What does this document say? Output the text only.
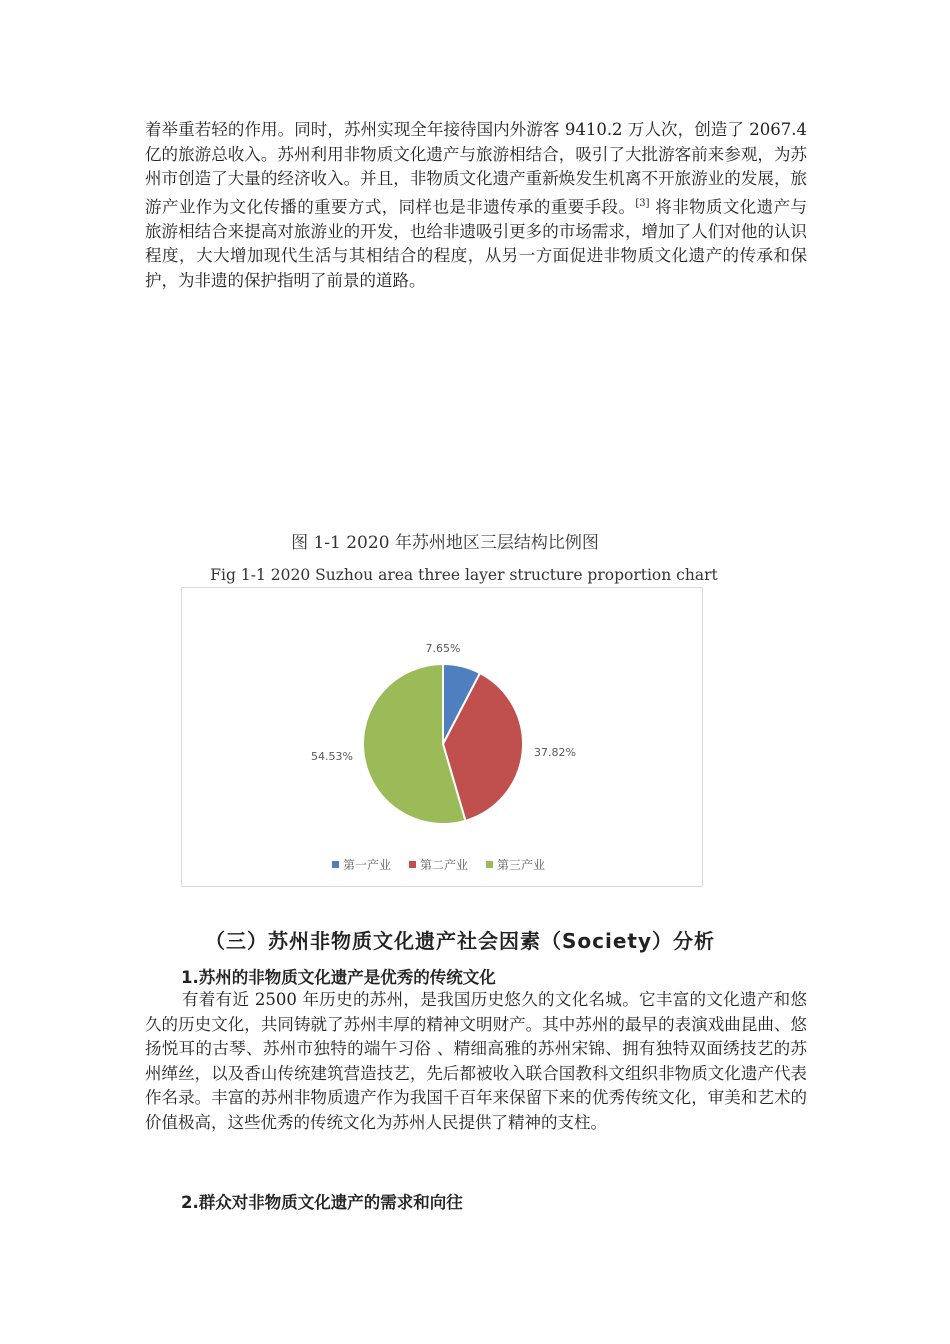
着举重若轻的作用。同时，苏州实现全年接待国内外游客 9410.2 万人次，创造了 2067.4 亿的旅游总收入。苏州利用非物质文化遗产与旅游相结合，吸引了大批游客前来参观，为苏州市创造了大量的经济收入。并且，非物质文化遗产重新焕发生机离不开旅游业的发展，旅游产业作为文化传播的重要方式，同样也是非遗传承的重要手段。[3] 将非物质文化遗产与旅游相结合来提高对旅游业的开发，也给非遗吸引更多的市场需求，增加了人们对他的认识程度，大大增加现代生活与其相结合的程度，从另一方面促进非物质文化遗产的传承和保护，为非遗的保护指明了前景的道路。

图 1-1 2020 年苏州地区三层结构比例图
Fig 1-1 2020 Suzhou area three layer structure proportion chart
7.65%
37.82%
54.53%
第一产业 第二产业 第三产业
（三）苏州非物质文化遗产社会因素（Society）分析
1.苏州的非物质文化遗产是优秀的传统文化

有着有近 2500 年历史的苏州，是我国历史悠久的文化名城。它丰富的文化遗产和悠久的历史文化，共同铸就了苏州丰厚的精神文明财产。其中苏州的最早的表演戏曲昆曲、悠扬悦耳的古琴、苏州市独特的端午习俗 、精细高雅的苏州宋锦、拥有独特双面绣技艺的苏州缂丝，以及香山传统建筑营造技艺，先后都被收入联合国教科文组织非物质文化遗产代表作名录。丰富的苏州非物质遗产作为我国千百年来保留下来的优秀传统文化，审美和艺术的价值极高，这些优秀的传统文化为苏州人民提供了精神的支柱。

2.群众对非物质文化遗产的需求和向往
